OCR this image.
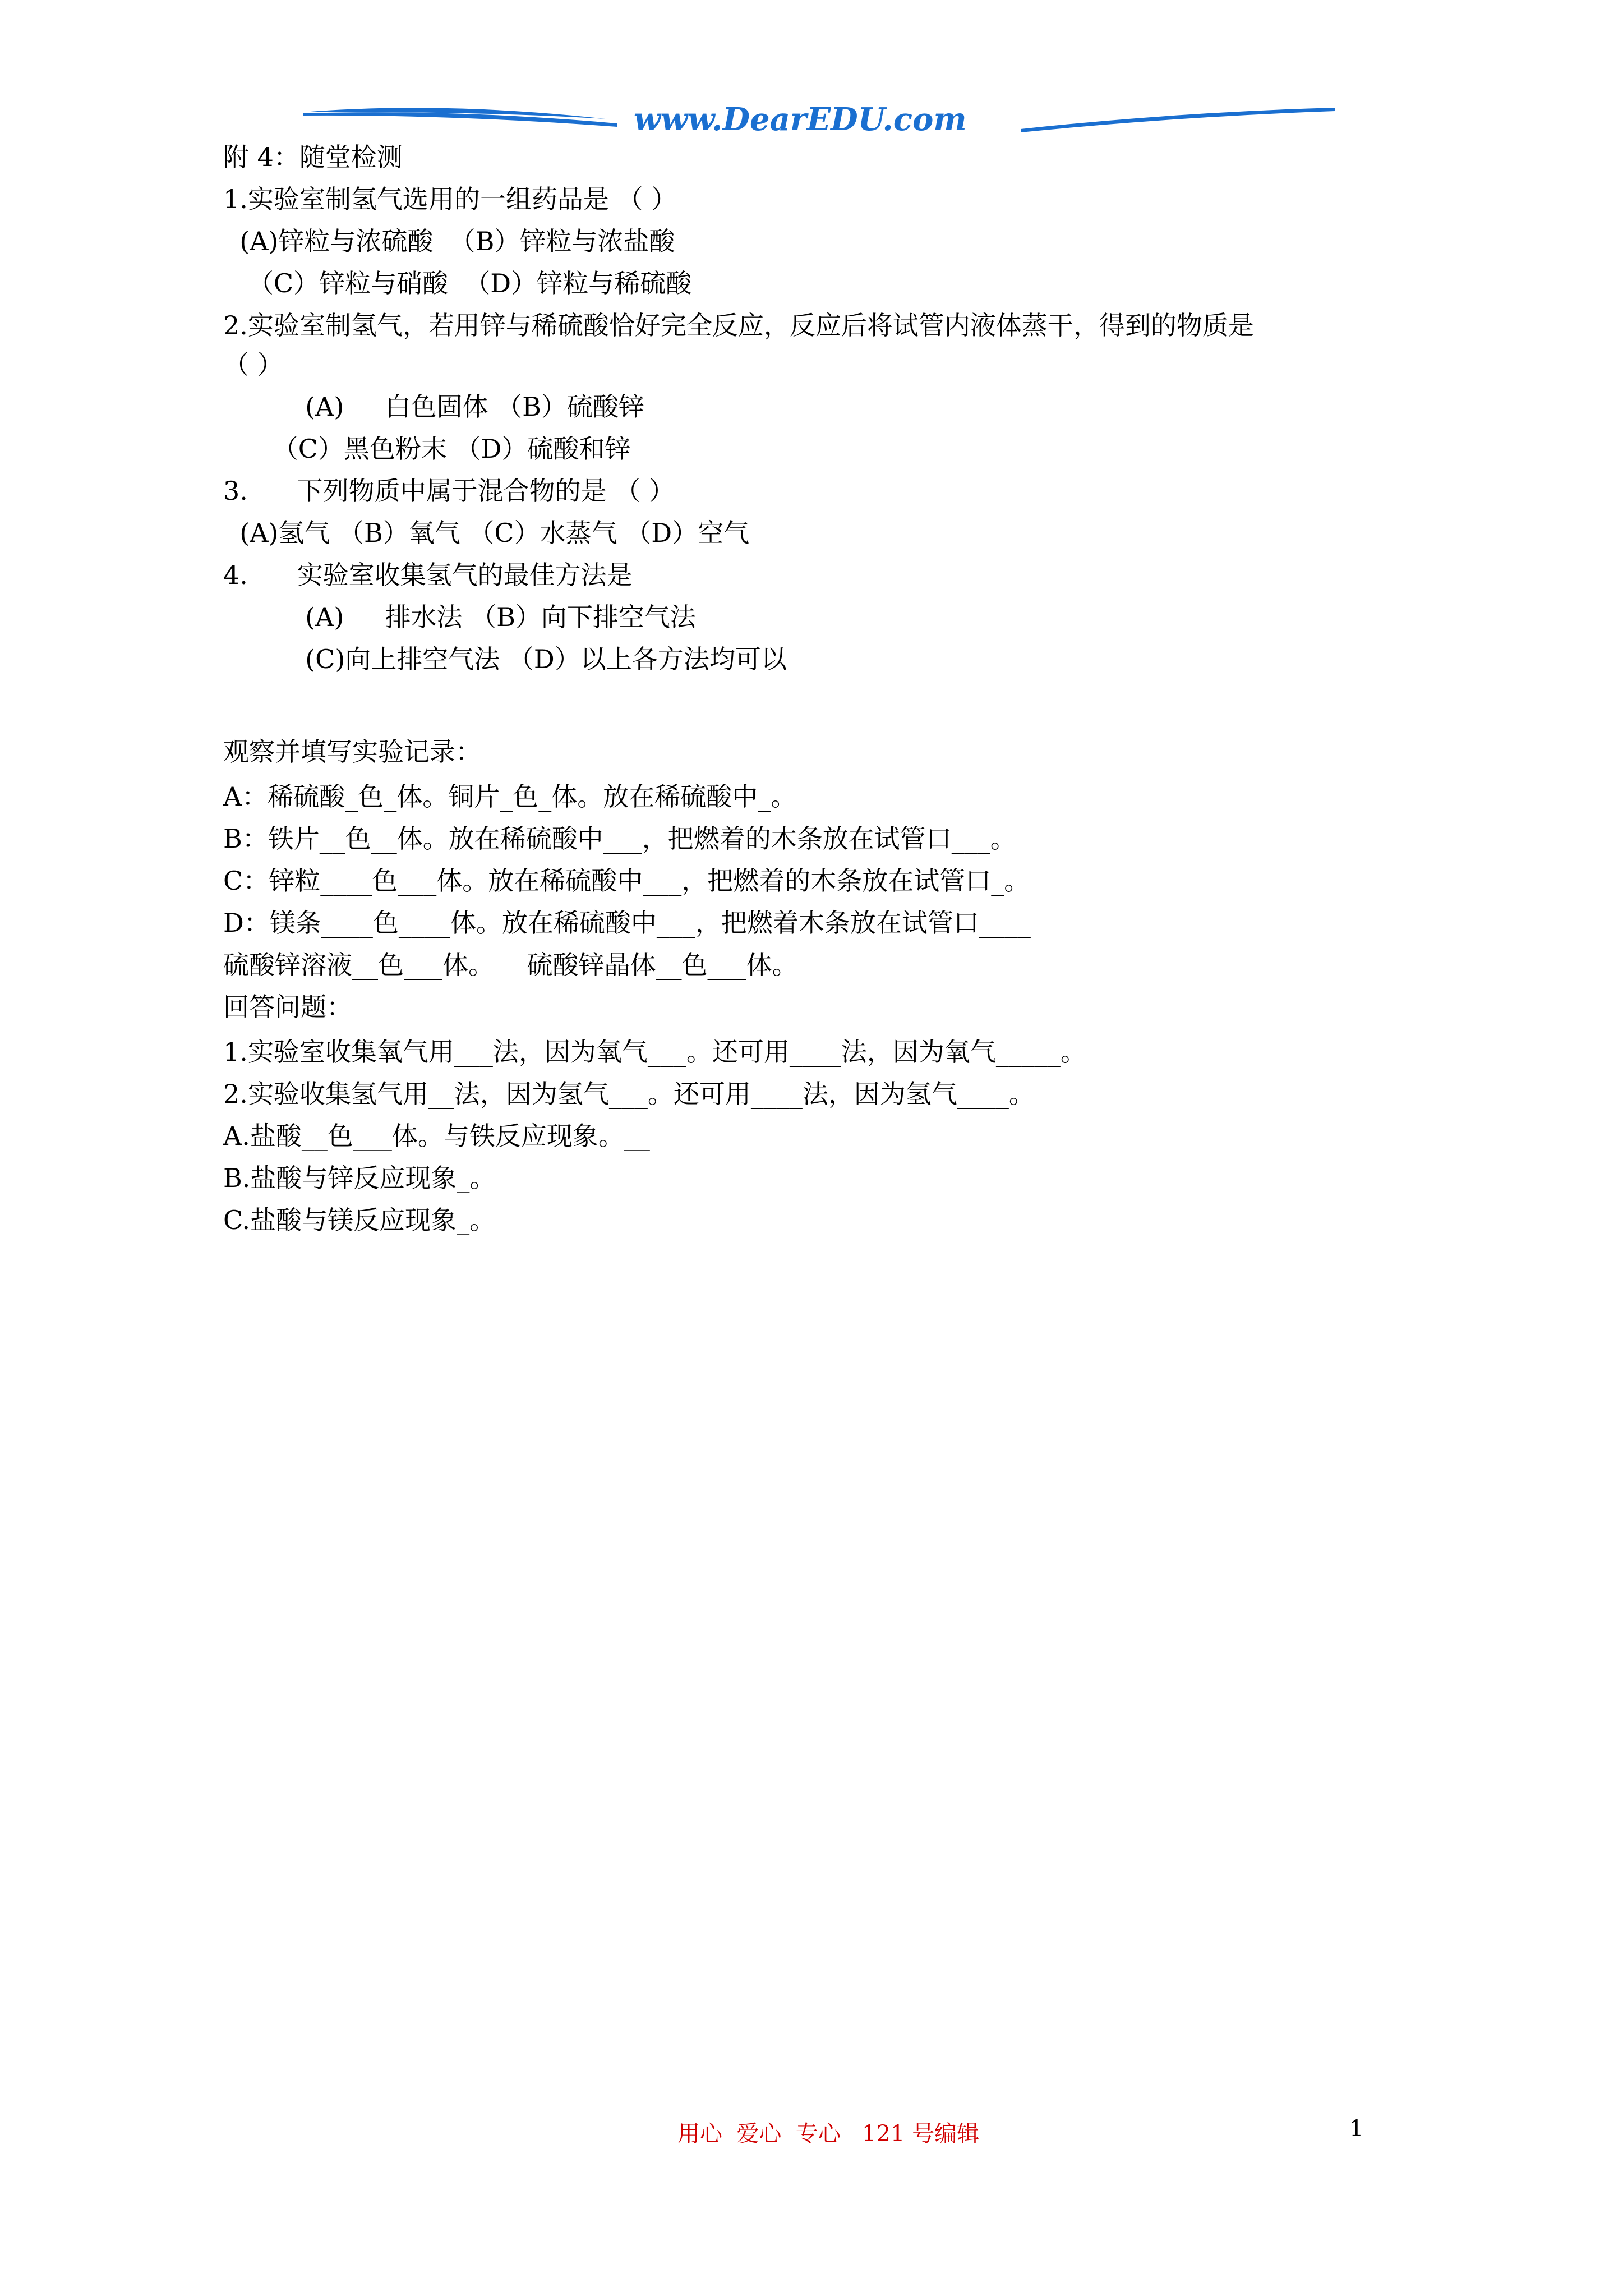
www.DearEDU.com
附 4：随堂检测
1.实验室制氢气选用的一组药品是 （ ）
(A)锌粒与浓硫酸  （B）锌粒与浓盐酸
（C）锌粒与硝酸  （D）锌粒与稀硫酸
2.实验室制氢气，若用锌与稀硫酸恰好完全反应，反应后将试管内液体蒸干，得到的物质是
（ ）
(A)     白色固体 （B）硫酸锌
（C）黑色粉末 （D）硫酸和锌
3.      下列物质中属于混合物的是 （ ）
(A)氢气 （B）氧气 （C）水蒸气 （D）空气
4.      实验室收集氢气的最佳方法是
(A)     排水法 （B）向下排空气法
(C)向上排空气法 （D）以上各方法均可以
观察并填写实验记录：
A：稀硫酸_色_体。铜片_色_体。放在稀硫酸中_。
B：铁片__色__体。放在稀硫酸中___，把燃着的木条放在试管口___。
C：锌粒____色___体。放在稀硫酸中___，把燃着的木条放在试管口_。
D：镁条____色____体。放在稀硫酸中___，把燃着木条放在试管口____
硫酸锌溶液__色___体。    硫酸锌晶体__色___体。
回答问题：
1.实验室收集氧气用___法，因为氧气___。还可用____法，因为氧气_____。
2.实验收集氢气用__法，因为氢气___。还可用____法，因为氢气____。
A.盐酸__色___体。与铁反应现象。__
B.盐酸与锌反应现象_。
C.盐酸与镁反应现象_。
用心  爱心  专心   121 号编辑	1
